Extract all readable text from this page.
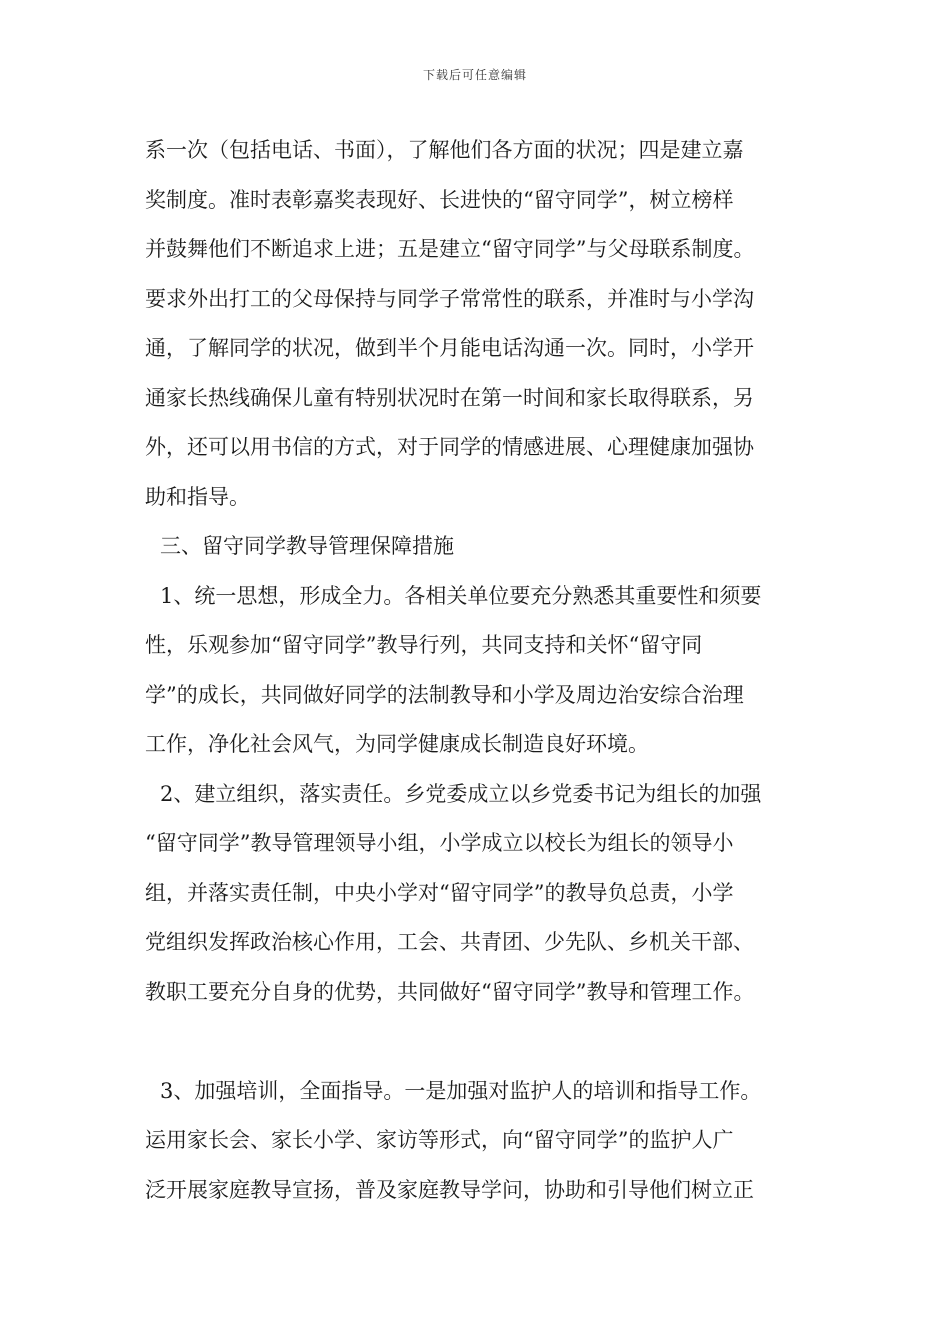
下载后可任意编辑
系一次（包括电话、书面），了解他们各方面的状况；四是建立嘉
奖制度。准时表彰嘉奖表现好、长进快的“留守同学”，树立榜样
并鼓舞他们不断追求上进；五是建立“留守同学”与父母联系制度。
要求外出打工的父母保持与同学子常常性的联系，并准时与小学沟
通，了解同学的状况，做到半个月能电话沟通一次。同时，小学开
通家长热线确保儿童有特别状况时在第一时间和家长取得联系，另
外，还可以用书信的方式，对于同学的情感进展、心理健康加强协
助和指导。
三、留守同学教导管理保障措施
1、统一思想，形成全力。各相关单位要充分熟悉其重要性和须要
性，乐观参加“留守同学”教导行列，共同支持和关怀“留守同
学”的成长，共同做好同学的法制教导和小学及周边治安综合治理
工作，净化社会风气，为同学健康成长制造良好环境。
2、建立组织，落实责任。乡党委成立以乡党委书记为组长的加强
“留守同学”教导管理领导小组，小学成立以校长为组长的领导小
组，并落实责任制，中央小学对“留守同学”的教导负总责，小学
党组织发挥政治核心作用，工会、共青团、少先队、乡机关干部、
教职工要充分自身的优势，共同做好“留守同学”教导和管理工作。
3、加强培训，全面指导。一是加强对监护人的培训和指导工作。
运用家长会、家长小学、家访等形式，向“留守同学”的监护人广
泛开展家庭教导宣扬，普及家庭教导学问，协助和引导他们树立正
